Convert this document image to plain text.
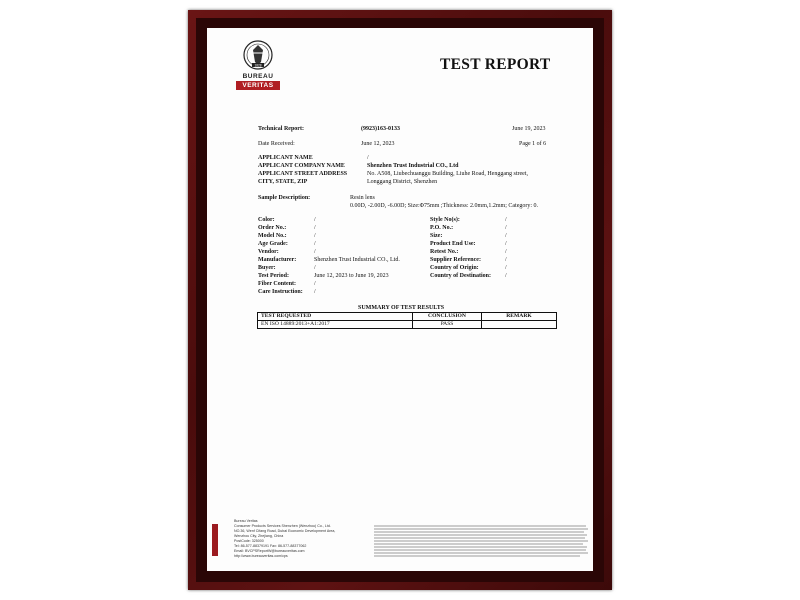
1828
BUREAU
VERITAS
TEST REPORT
Technical Report:	(9923)163-0133	June 19, 2023
Date Received:	June 12, 2023	Page 1 of 6
APPLICANT NAME	/
APPLICANT COMPANY NAME	Shenzhen Trust Industrial CO., Ltd
APPLICANT STREET ADDRESS	No. A508, Liubechuanggu Building, Liuhe Road, Henggang street,
CITY, STATE, ZIP	Longgang District, Shenzhen
Sample Description:	Resin lens
0.00D, -2.00D, -6.00D; Size:Φ75mm ;Thickness: 2.0mm,1.2mm; Category: 0.
Color:	/
Order No.:	/
Model No.:	/
Age Grade:	/
Vendor:	/
Manufacturer:	Shenzhen Trust Industrial CO., Ltd.
Buyer:	/
Test Period:	June 12, 2023 to June 19, 2023
Fiber Content:	/
Care Instruction: /
Style No(s):	/
P.O. No.:	/
Size:	/
Product End Use:	/
Retest No.:	/
Supplier Reference:	/
Country of Origin:	/
Country of Destination: /
SUMMARY OF TEST RESULTS
TEST REQUESTED	CONCLUSION	REMARK
EN ISO 14889:2013+A1:2017	PASS	
Bureau Veritas
Consumer Products Services Shenzhen (Wenzhou) Co., Ltd.
NO.36, Wenf Cifang Road, Dubai Economic Development Area,
Wenzhou City, Zhejiang, China
PostCode: 325000
Tel: 86-577-88379191 Fax: 86-577-88377062
Email: BVCPSReportW@bureauveritas.com
http://www.bureauveritas.com/cps
